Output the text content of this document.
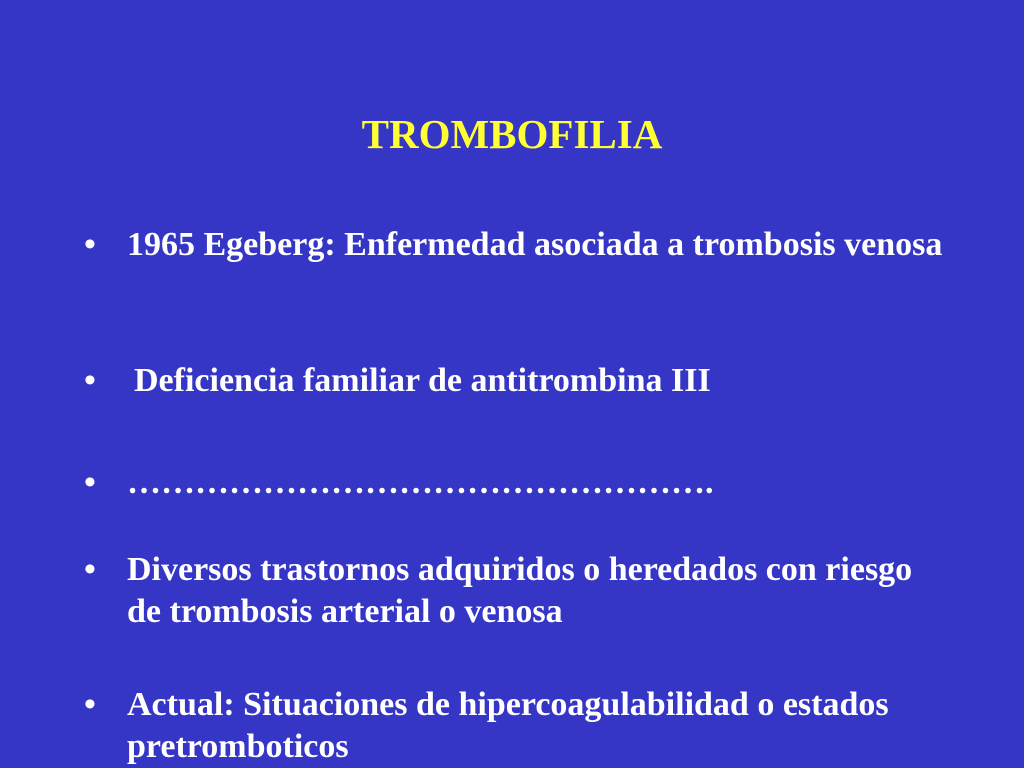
TROMBOFILIA
• 1965 Egeberg: Enfermedad asociada a trombosis venosa
•	Deficiencia familiar de antitrombina III
• …………………………………………….
• Diversos trastornos adquiridos o heredados con riesgo de trombosis arterial o venosa
• Actual: Situaciones de hipercoagulabilidad o estados pretromboticos
